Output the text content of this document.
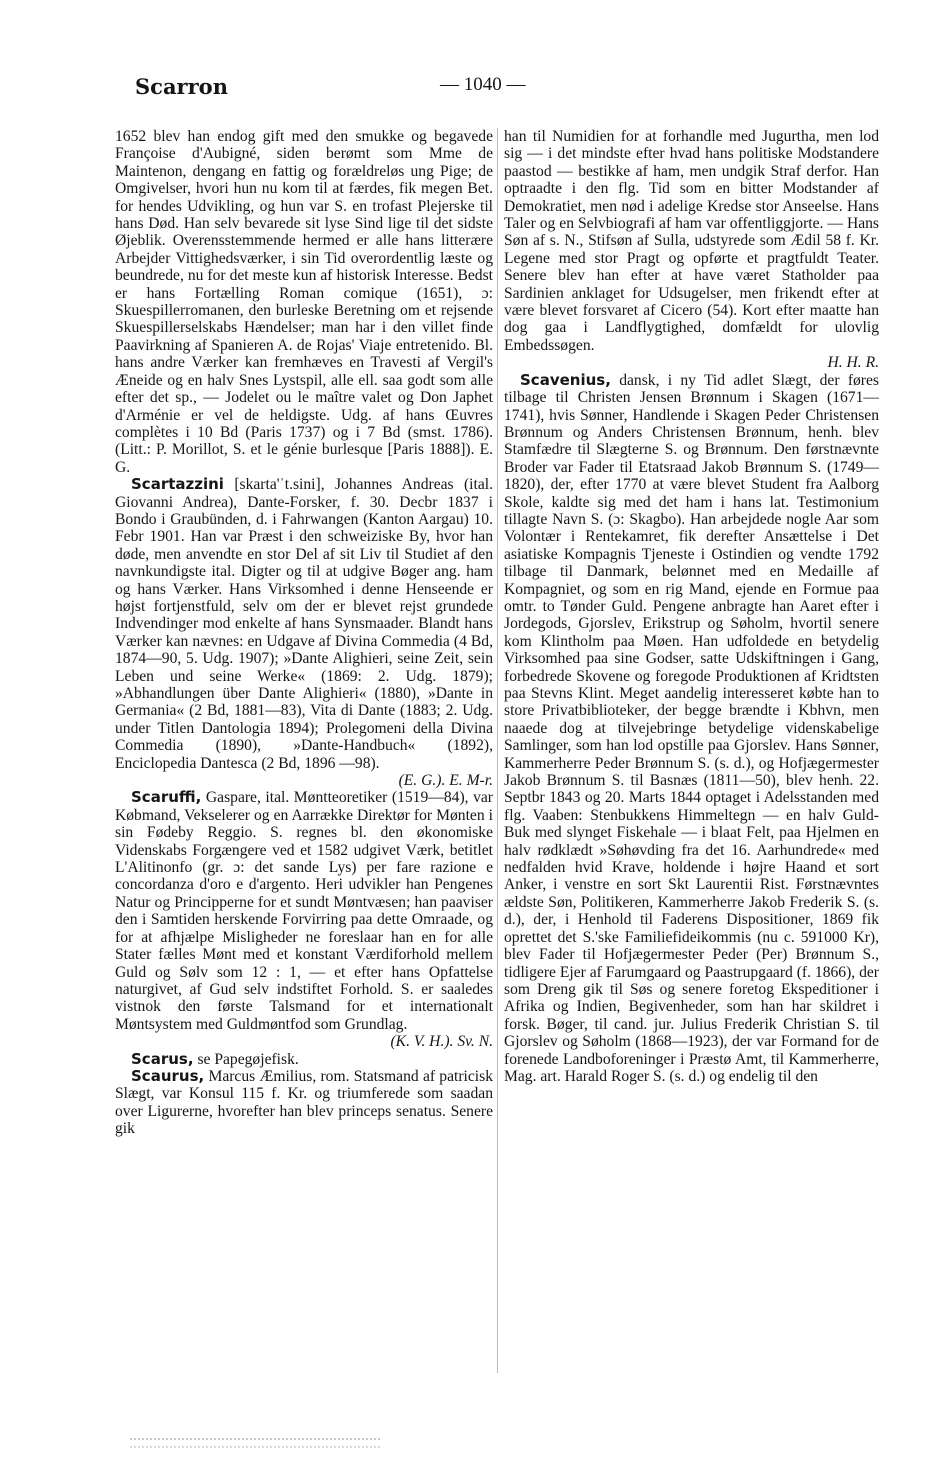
Scarron	— 1040 —

1652 blev han endog gift med den smukke og begavede Françoise d'Aubigné, siden berømt som Mme de Maintenon, dengang en fattig og forældreløs ung Pige; de Omgivelser, hvori hun nu kom til at færdes, fik megen Bet. for hendes Udvikling, og hun var S. en trofast Plejerske til hans Død. Han selv bevarede sit lyse Sind lige til det sidste Øjeblik. Overensstemmende hermed er alle hans litterære Arbejder Vittighedsværker, i sin Tid overordentlig læste og beundrede, nu for det meste kun af historisk Interesse. Bedst er hans Fortælling Roman comique (1651), ɔ: Skuespillerromanen, den burleske Beretning om et rejsende Skuespillerselskabs Hændelser; man har i den villet finde Paavirkning af Spanieren A. de Rojas' Viaje entretenido. Bl. hans andre Værker kan fremhæves en Travesti af Vergil's Æneide og en halv Snes Lystspil, alle ell. saa godt som alle efter det sp., — Jodelet ou le maître valet og Don Japhet d'Arménie er vel de heldigste. Udg. af hans Œuvres complètes i 10 Bd (Paris 1737) og i 7 Bd (smst. 1786). (Litt.: P. Morillot, S. et le génie burlesque [Paris 1888]). E. G.

Scartazzini [skarta'ˈt.sini], Johannes Andreas (ital. Giovanni Andrea), Dante-Forsker, f. 30. Decbr 1837 i Bondo i Graubünden, d. i Fahrwangen (Kanton Aargau) 10. Febr 1901. Han var Præst i den schweiziske By, hvor han døde, men anvendte en stor Del af sit Liv til Studiet af den navnkundigste ital. Digter og til at udgive Bøger ang. ham og hans Værker. Hans Virksomhed i denne Henseende er højst fortjenstfuld, selv om der er blevet rejst grundede Indvendinger mod enkelte af hans Synsmaader. Blandt hans Værker kan nævnes: en Udgave af Divina Commedia (4 Bd, 1874—90, 5. Udg. 1907); »Dante Alighieri, seine Zeit, sein Leben und seine Werke« (1869: 2. Udg. 1879); »Abhandlungen über Dante Alighieri« (1880), »Dante in Germania« (2 Bd, 1881—83), Vita di Dante (1883; 2. Udg. under Titlen Dantologia 1894); Prolegomeni della Divina Commedia (1890), »Dante-Handbuch« (1892), Enciclopedia Dantesca (2 Bd, 1896 —98).
(E. G.). E. M-r.

Scaruffi, Gaspare, ital. Møntteoretiker (1519—84), var Købmand, Vekselerer og en Aarrække Direktør for Mønten i sin Fødeby Reggio. S. regnes bl. den økonomiske Videnskabs Forgængere ved et 1582 udgivet Værk, betitlet L'Alitinonfo (gr. ɔ: det sande Lys) per fare razione e concordanza d'oro e d'argento. Heri udvikler han Pengenes Natur og Principperne for et sundt Møntvæsen; han paaviser den i Samtiden herskende Forvirring paa dette Omraade, og for at afhjælpe Misligheder ne foreslaar han en for alle Stater fælles Mønt med et konstant Værdiforhold mellem Guld og Sølv som 12 : 1, — et efter hans Opfattelse naturgivet, af Gud selv indstiftet Forhold. S. er saaledes vistnok den første Talsmand for et internationalt Møntsystem med Guldmøntfod som Grundlag.
(K. V. H.). Sv. N.

Scarus, se Papegøjefisk.

Scaurus, Marcus Æmilius, rom. Statsmand af patricisk Slægt, var Konsul 115 f. Kr. og triumferede som saadan over Ligurerne, hvorefter han blev princeps senatus. Senere gik

han til Numidien for at forhandle med Jugurtha, men lod sig — i det mindste efter hvad hans politiske Modstandere paastod — bestikke af ham, men undgik Straf derfor. Han optraadte i den flg. Tid som en bitter Modstander af Demokratiet, men nød i adelige Kredse stor Anseelse. Hans Taler og en Selvbiografi af ham var offentliggjorte. — Hans Søn af s. N., Stifsøn af Sulla, udstyrede som Ædil 58 f. Kr. Legene med stor Pragt og opførte et pragtfuldt Teater. Senere blev han efter at have været Statholder paa Sardinien anklaget for Udsugelser, men frikendt efter at være blevet forsvaret af Cicero (54). Kort efter maatte han dog gaa i Landflygtighed, domfældt for ulovlig Embedssøgen.
H. H. R.

Scavenius, dansk, i ny Tid adlet Slægt, der føres tilbage til Christen Jensen Brønnum i Skagen (1671—1741), hvis Sønner, Handlende i Skagen Peder Christensen Brønnum og Anders Christensen Brønnum, henh. blev Stamfædre til Slægterne S. og Brønnum. Den førstnævnte Broder var Fader til Etatsraad Jakob Brønnum S. (1749—1820), der, efter 1770 at være blevet Student fra Aalborg Skole, kaldte sig med det ham i hans lat. Testimonium tillagte Navn S. (ɔ: Skagbo). Han arbejdede nogle Aar som Volontær i Rentekamret, fik derefter Ansættelse i Det asiatiske Kompagnis Tjeneste i Ostindien og vendte 1792 tilbage til Danmark, belønnet med en Medaille af Kompagniet, og som en rig Mand, ejende en Formue paa omtr. to Tønder Guld. Pengene anbragte han Aaret efter i Jordegods, Gjorslev, Erikstrup og Søholm, hvortil senere kom Klintholm paa Møen. Han udfoldede en betydelig Virksomhed paa sine Godser, satte Udskiftningen i Gang, forbedrede Skovene og foregode Produktionen af Kridtsten paa Stevns Klint. Meget aandelig interesseret købte han to store Privatbiblioteker, der begge brændte i Kbhvn, men naaede dog at tilvejebringe betydelige videnskabelige Samlinger, som han lod opstille paa Gjorslev. Hans Sønner, Kammerherre Peder Brønnum S. (s. d.), og Hofjægermester Jakob Brønnum S. til Basnæs (1811—50), blev henh. 22. Septbr 1843 og 20. Marts 1844 optaget i Adelsstanden med flg. Vaaben: Stenbukkens Himmeltegn — en halv Guld-Buk med slynget Fiskehale — i blaat Felt, paa Hjelmen en halv rødklædt »Søhøvding fra det 16. Aarhundrede« med nedfalden hvid Krave, holdende i højre Haand et sort Anker, i venstre en sort Skt Laurentii Rist. Førstnævntes ældste Søn, Politikeren, Kammerherre Jakob Frederik S. (s. d.), der, i Henhold til Faderens Dispositioner, 1869 fik oprettet det S.'ske Familiefideikommis (nu c. 591000 Kr), blev Fader til Hofjægermester Peder (Per) Brønnum S., tidligere Ejer af Farumgaard og Paastrupgaard (f. 1866), der som Dreng gik til Søs og senere foretog Ekspeditioner i Afrika og Indien, Begivenheder, som han har skildret i forsk. Bøger, til cand. jur. Julius Frederik Christian S. til Gjorslev og Søholm (1868—1923), der var Formand for de forenede Landboforeninger i Præstø Amt, til Kammerherre, Mag. art. Harald Roger S. (s. d.) og endelig til den
